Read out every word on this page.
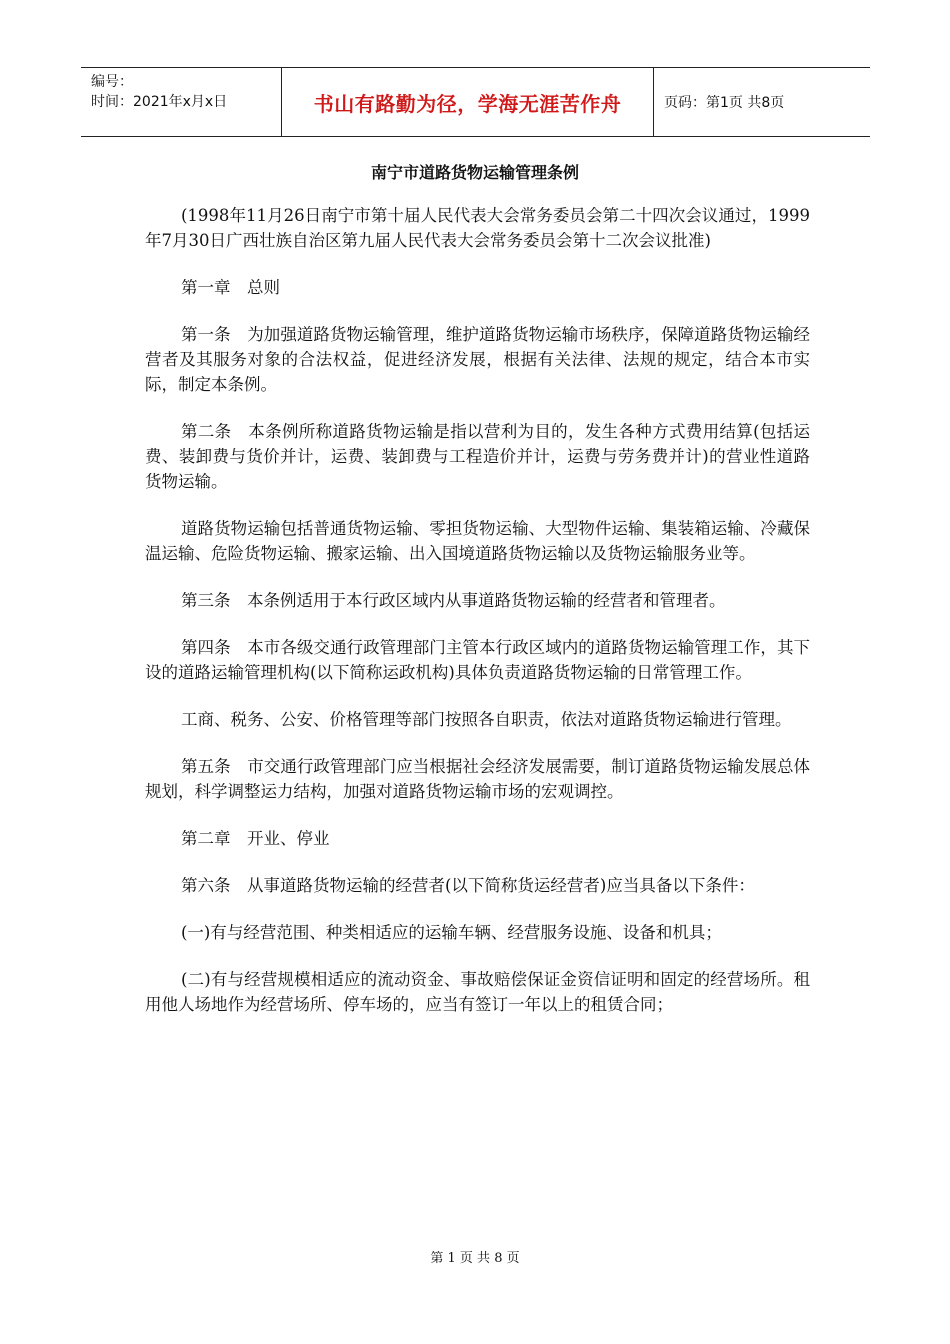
编号：
时间：2021年x月x日	书山有路勤为径，学海无涯苦作舟	页码：第1页 共8页
南宁市道路货物运输管理条例

(1998年11月26日南宁市第十届人民代表大会常务委员会第二十四次会议通过，1999年7月30日广西壮族自治区第九届人民代表大会常务委员会第十二次会议批准)

第一章　总则

第一条　为加强道路货物运输管理，维护道路货物运输市场秩序，保障道路货物运输经营者及其服务对象的合法权益，促进经济发展，根据有关法律、法规的规定，结合本市实际，制定本条例。

第二条　本条例所称道路货物运输是指以营利为目的，发生各种方式费用结算(包括运费、装卸费与货价并计，运费、装卸费与工程造价并计，运费与劳务费并计)的营业性道路货物运输。

道路货物运输包括普通货物运输、零担货物运输、大型物件运输、集装箱运输、冷藏保温运输、危险货物运输、搬家运输、出入国境道路货物运输以及货物运输服务业等。

第三条　本条例适用于本行政区域内从事道路货物运输的经营者和管理者。

第四条　本市各级交通行政管理部门主管本行政区域内的道路货物运输管理工作，其下设的道路运输管理机构(以下简称运政机构)具体负责道路货物运输的日常管理工作。

工商、税务、公安、价格管理等部门按照各自职责，依法对道路货物运输进行管理。

第五条　市交通行政管理部门应当根据社会经济发展需要，制订道路货物运输发展总体规划，科学调整运力结构，加强对道路货物运输市场的宏观调控。

第二章　开业、停业

第六条　从事道路货物运输的经营者(以下简称货运经营者)应当具备以下条件：

(一)有与经营范围、种类相适应的运输车辆、经营服务设施、设备和机具；

(二)有与经营规模相适应的流动资金、事故赔偿保证金资信证明和固定的经营场所。租用他人场地作为经营场所、停车场的，应当有签订一年以上的租赁合同；

第 1 页 共 8 页
